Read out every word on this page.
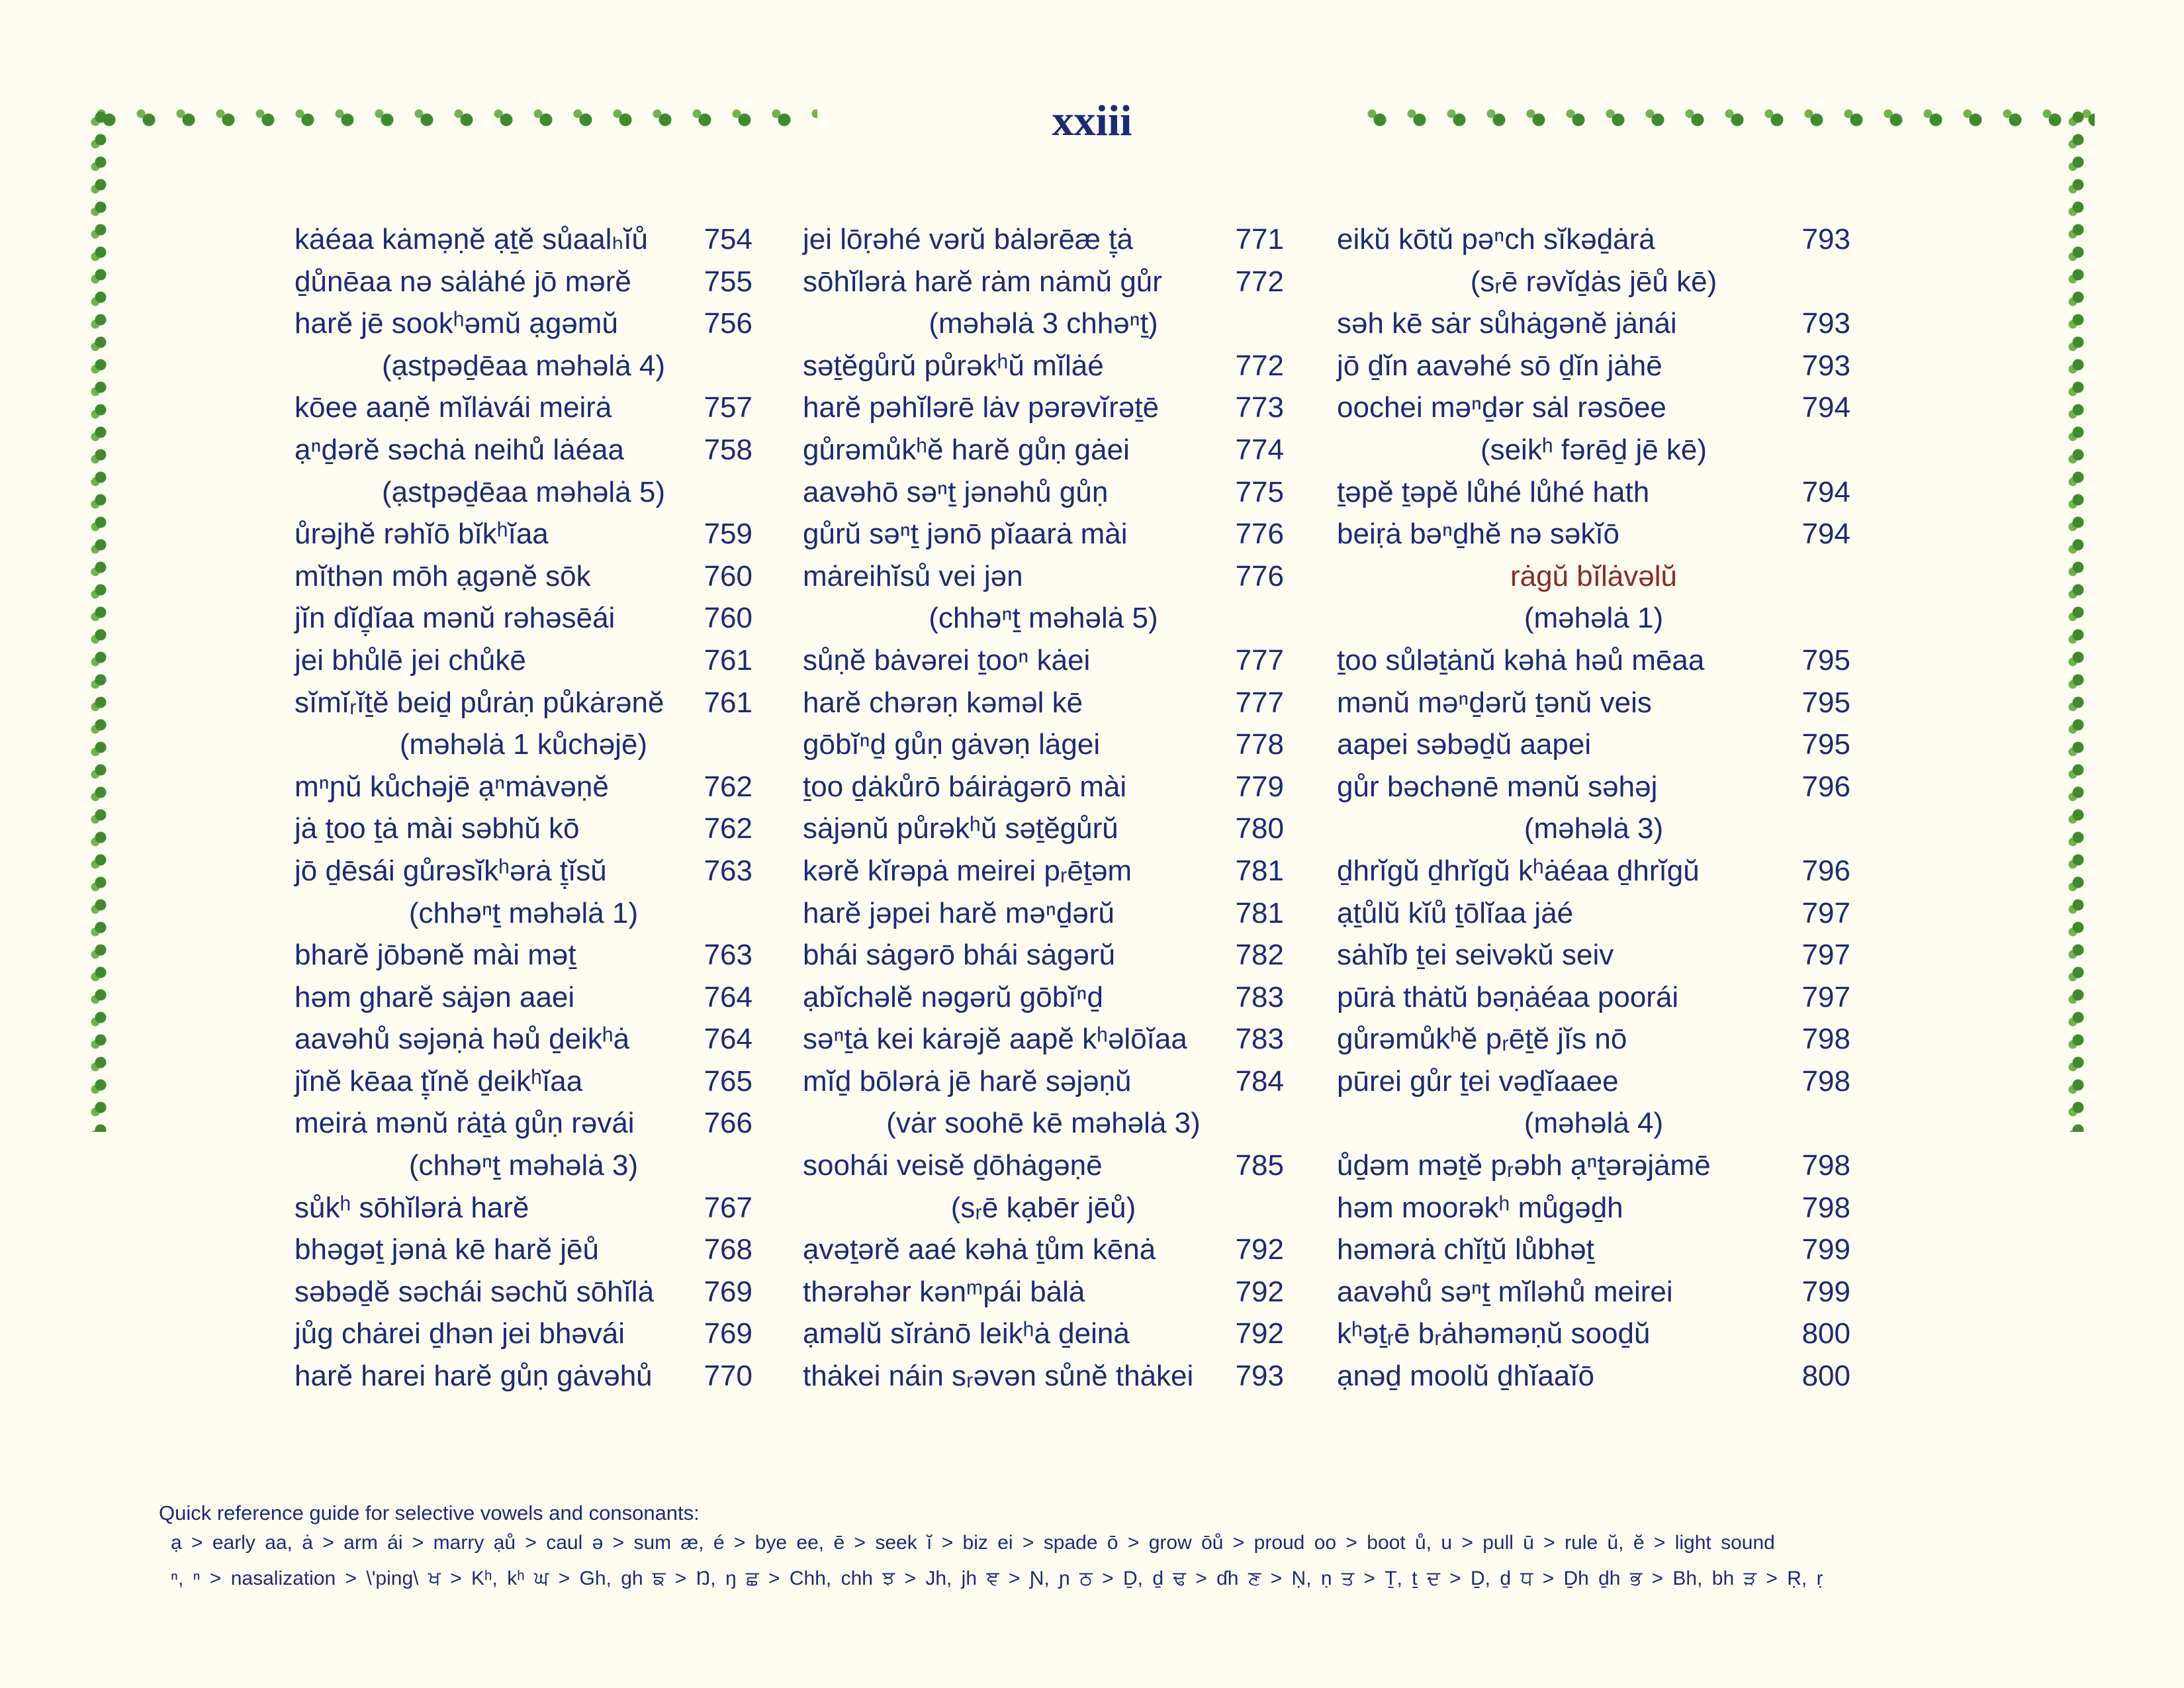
xxiii
kȧéaa kȧmə̣ṇĕ ạṯĕ sůaalₕĭů 754
ḏůnēaa nə sȧlȧhé jō mərĕ 755
harĕ jē sookʰəmŭ ạgəmŭ	756
(ạstpəḏēaa məhəlȧ 4)
kōee aaṇĕ mĭlȧvái meirȧ	757
ạⁿḏərĕ səchȧ neihů lȧéaa	758
(ạstpəḏēaa məhəlȧ 5)
ůrəjhĕ rəhĭō bĭkʰĭaa	759
mĭthən mōh ạgənĕ sōk	760
jĭn dĭḏ̣ĭaa mənŭ rəhəsēái	760
jei bhůlē jei chůkē	761
sĭmĭᵣĭṯĕ beiḏ půrȧṇ půkȧrənĕ 761
(məhəlȧ 1 kůchəjē)
mⁿɲŭ kůchəjē ạⁿmȧvəṇĕ	762
jȧ ṯoo ṯȧ mài səbhŭ kō	762
jō ḏēsái gůrəsĭkʰərȧ ṯ̣ĭsŭ	763
(chhəⁿṯ məhəlȧ 1)
bharĕ jōbənĕ mài məṯ	763
həm gharĕ sȧjən aaei	764
aavəhů səjəṇȧ həů ḏeikʰȧ	764
jĭnĕ kēaa ṯ̣ĭnĕ ḏeikʰĭaa	765
meirȧ mənŭ rȧṯȧ gůṇ rəvái 766
(chhəⁿṯ məhəlȧ 3)
sůkʰ sōhĭlərȧ harĕ	767
bhəgəṯ jənȧ kē harĕ jēů	768
səbəḏĕ səchái səchŭ sōhĭlȧ 769
jůg chȧrei ḏhən jei bhəvái	769
harĕ harei harĕ gůṇ gȧvəhů 770
jei lōṛəhé vərŭ bȧlərēæ ṯ̣ȧ	771
sōhĭlərȧ harĕ rȧm nȧmŭ gůr	772
(məhəlȧ 3 chhəⁿṯ)
səṯĕgůrŭ půrəkʰŭ mĭlȧé	772
harĕ pəhĭlərē lȧv pərəvĭrəṯē	773
gůrəmůkʰĕ harĕ gůṇ gȧei	774
aavəhō səⁿṯ jənəhů gůṇ	775
gůrŭ səⁿṯ jənō pĭaarȧ mài	776
mȧreihĭsů vei jən	776
(chhəⁿṯ məhəlȧ 5)
sůṇĕ bȧvərei ṯooⁿ kȧei	777
harĕ chərəṇ kəməl kē	777
gōbĭⁿḏ gůṇ gȧvəṇ lȧgei	778
ṯoo ḏȧkůrō báirȧgərō mài	779
sȧjənŭ půrəkʰŭ səṯĕgůrŭ	780
kərĕ kĭrəpȧ meirei pᵣēṯəm	781
harĕ jəpei harĕ məⁿḏərŭ	781
bhái sȧgərō bhái sȧgərŭ	782
ạbĭchəlĕ nəgərŭ gōbĭⁿḏ	783
səⁿṯȧ kei kȧrəjĕ aapĕ kʰəlōĭaa 783
mĭḏ bōlərȧ jē harĕ səjəṇŭ	784
(vȧr soohē kē məhəlȧ 3)
soohái veisĕ ḏōhȧgəṇē	785
(sᵣē kạbēr jēů)
ạvəṯərĕ aaé kəhȧ ṯům kēnȧ	792
thərəhər kənᵐpái bȧlȧ	792
ạməlŭ sĭrȧnō leikʰȧ ḏeinȧ	792
thȧkei náin sᵣəvən sůnĕ thȧkei 793
eikŭ kōtŭ pəⁿch sĭkəḏȧrȧ	793
(sᵣē rəvĭḏȧs jēů kē)
səh kē sȧr sůhȧgənĕ jȧnái	793
jō ḏĭn aavəhé sō ḏĭn jȧhē	793
oochei məⁿḏər sȧl rəsōee	794
(seikʰ fərēḏ jē kē)
ṯəpĕ ṯəpĕ lůhé lůhé hath	794
beiṛȧ bəⁿḏhĕ nə səkĭō	794
rȧgŭ bĭlȧvəlŭ
(məhəlȧ 1)
ṯoo sůləṯȧnŭ kəhȧ həů mēaa	795
mənŭ məⁿḏərŭ ṯənŭ veis	795
aapei səbəḏŭ aapei	795
gůr bəchənē mənŭ səhəj	796
(məhəlȧ 3)
ḏhrĭgŭ ḏhrĭgŭ kʰȧéaa ḏhrĭgŭ	796
ạṯůlŭ kĭů ṯōlĭaa jȧé	797
sȧhĭb ṯei seivəkŭ seiv	797
pūrȧ thȧtŭ bəṇȧéaa poorái	797
gůrəmůkʰĕ pᵣēṯĕ jĭs nō	798
pūrei gůr ṯei vəḏĭaaee	798
(məhəlȧ 4)
ůḏəm məṯĕ pᵣəbh ạⁿṯərəjȧmē	798
həm moorəkʰ můgəḏh	798
həmərȧ chĭṯŭ lůbhəṯ	799
aavəhů səⁿṯ mĭləhů meirei	799
kʰəṯᵣē bᵣȧhəməṇŭ sooḏŭ	800
ạnəḏ moolŭ ḏhĭaaĭō	800
Quick reference guide for selective vowels and consonants:
ạ > early aa, ȧ > arm ái > marry ạů > caul ə > sum æ, é > bye ee, ē > seek ĭ > biz ei > spade ō > grow ōů > proud oo > boot ů, u > pull ū > rule ŭ, ĕ > light sound
ⁿ, ⁿ > nasalization > \'ping\ ਖ > Kʰ, kʰ ਘ > Gh, gh ਙ > Ŋ, ŋ ਛ > Chh, chh ਝ > Jh, jh ਞ > Ɲ, ɲ ਠ > Ḏ, ḏ ਢ > ɗh ਣ > Ṇ, ṇ ਤ > Ṯ, ṯ ਦ > Ḏ, ḏ ਧ > Ḏh ḏh ਭ > Bh, bh ੜ > Ṛ, ṛ
